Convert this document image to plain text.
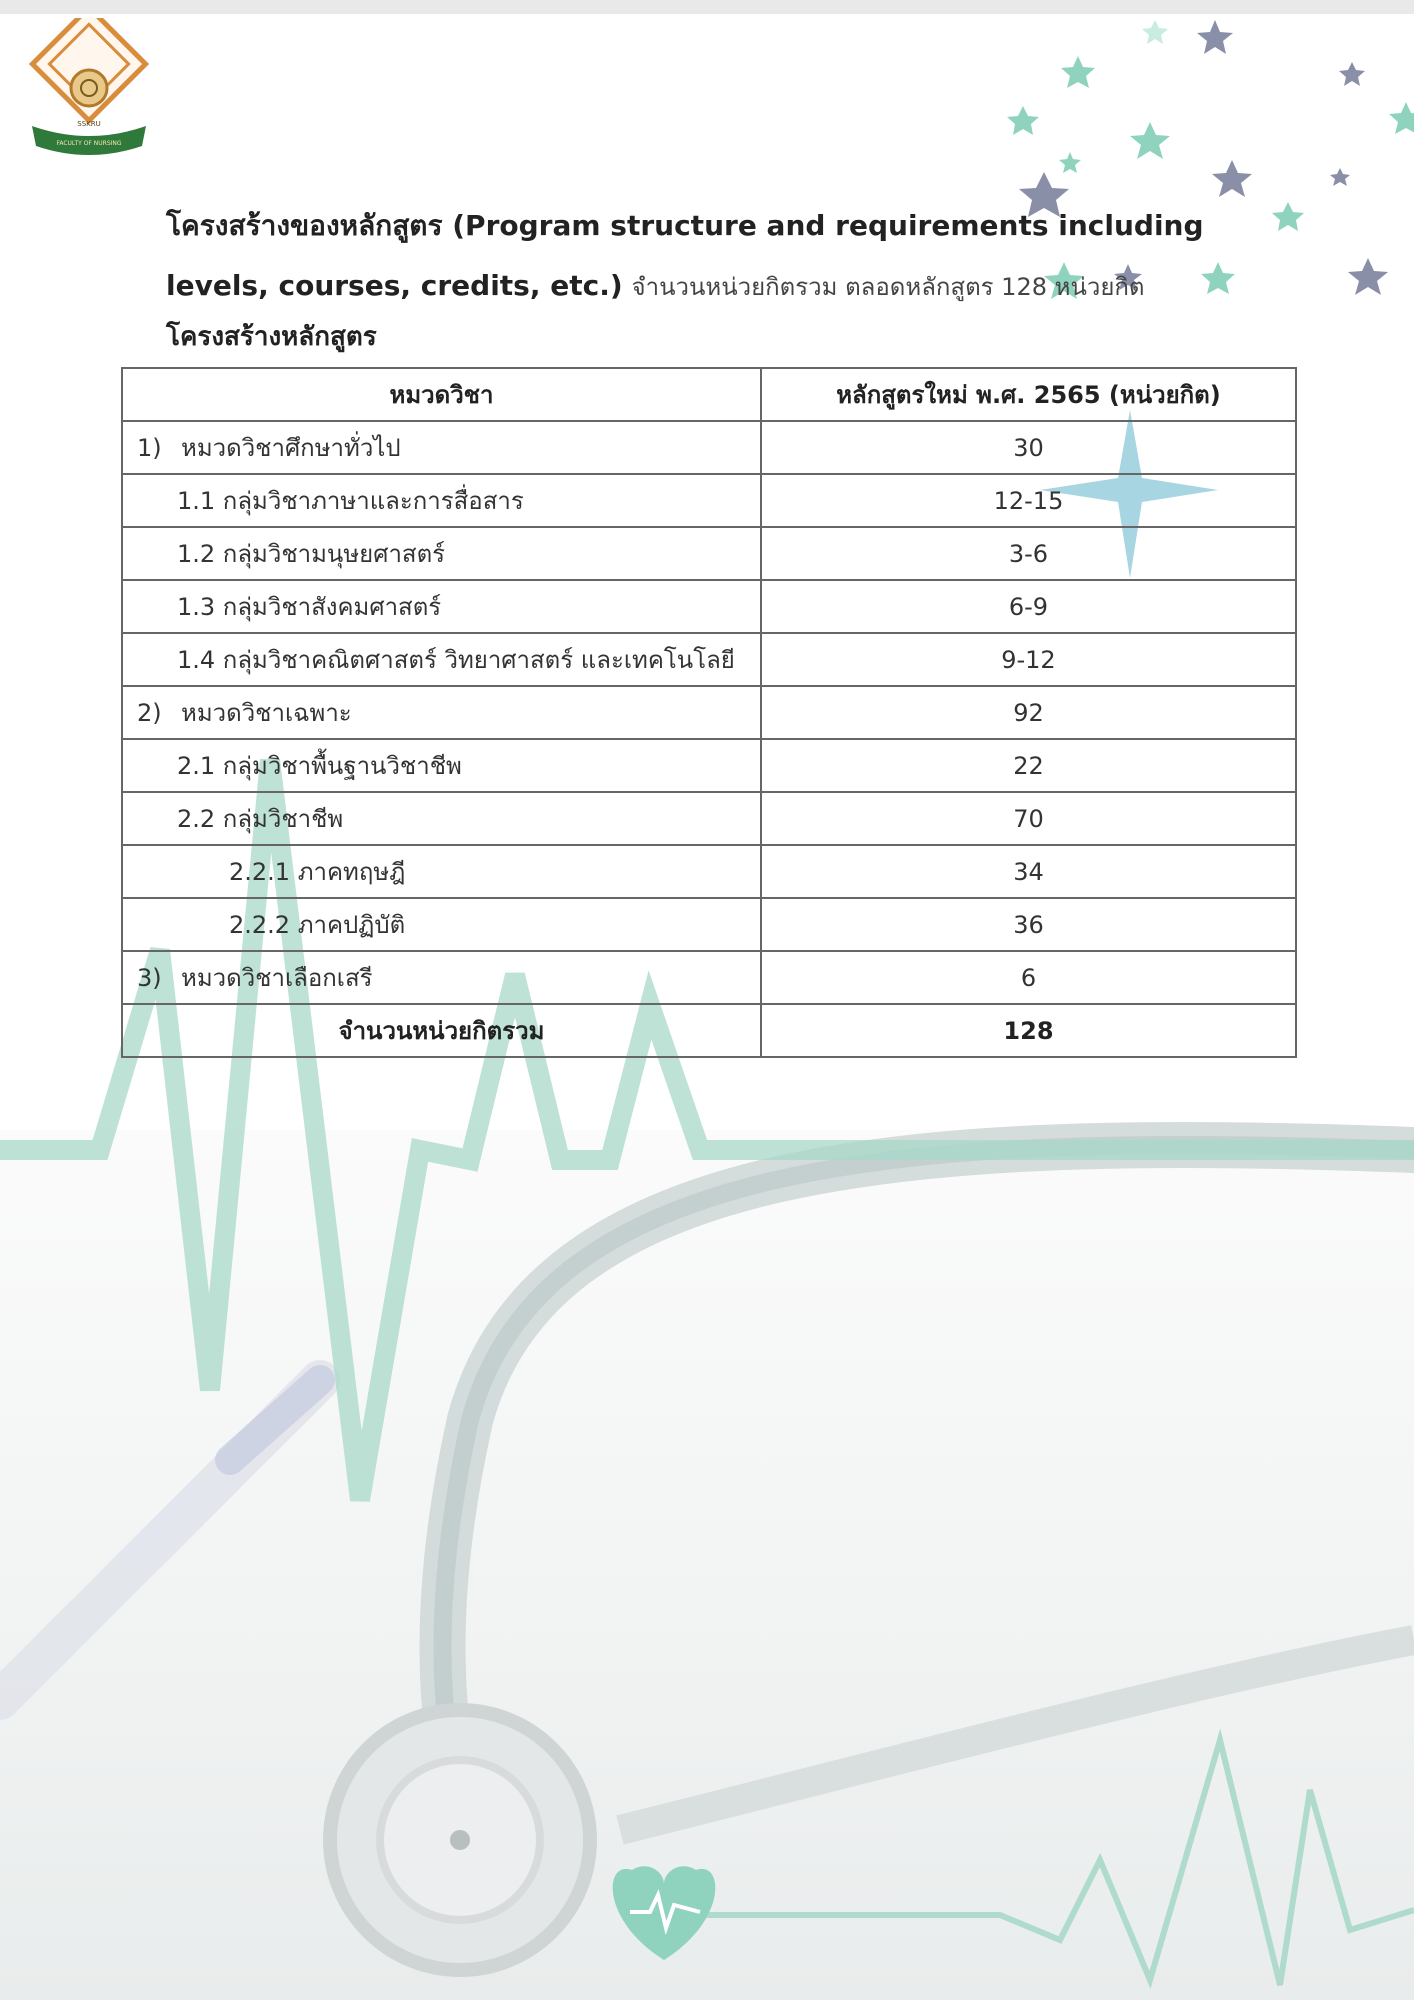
SSKRU
FACULTY OF NURSING
โครงสร้างของหลักสูตร (Program structure and requirements including levels, courses, credits, etc.) จำนวนหน่วยกิตรวม ตลอดหลักสูตร 128 หน่วยกิต
โครงสร้างหลักสูตร
หมวดวิชา	หลักสูตรใหม่ พ.ศ. 2565 (หน่วยกิต)
1) หมวดวิชาศึกษาทั่วไป	30
1.1 กลุ่มวิชาภาษาและการสื่อสาร	12-15
1.2 กลุ่มวิชามนุษยศาสตร์	3-6
1.3 กลุ่มวิชาสังคมศาสตร์	6-9
1.4 กลุ่มวิชาคณิตศาสตร์ วิทยาศาสตร์ และเทคโนโลยี	9-12
2) หมวดวิชาเฉพาะ	92
2.1 กลุ่มวิชาพื้นฐานวิชาชีพ	22
2.2 กลุ่มวิชาชีพ	70
2.2.1 ภาคทฤษฎี	34
2.2.2 ภาคปฏิบัติ	36
3) หมวดวิชาเลือกเสรี	6
จำนวนหน่วยกิตรวม	128
